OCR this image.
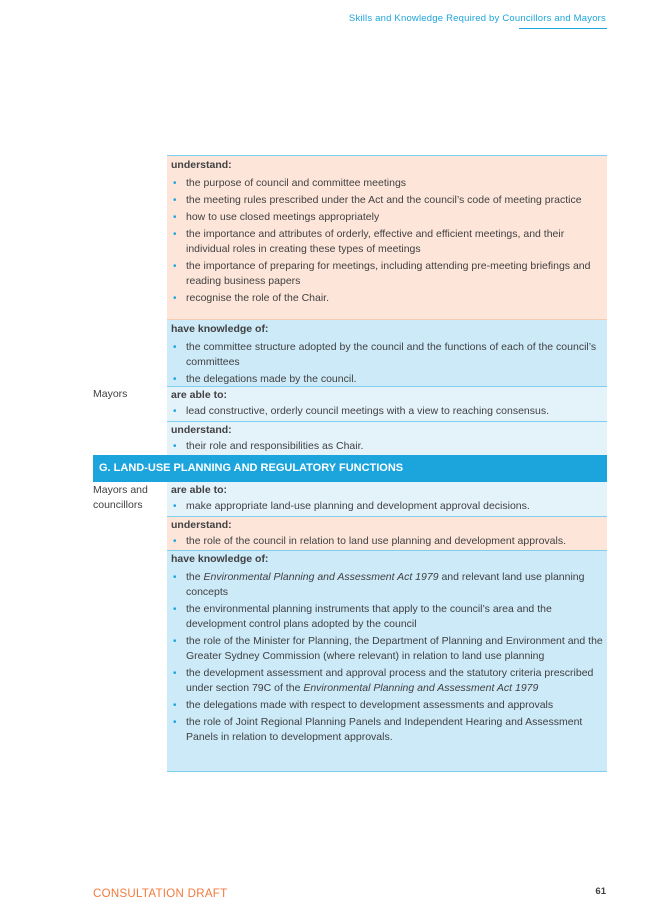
Skills and Knowledge Required by Councillors and Mayors
understand:
• the purpose of council and committee meetings
• the meeting rules prescribed under the Act and the council’s code of meeting practice
• how to use closed meetings appropriately
• the importance and attributes of orderly, effective and efficient meetings, and their individual roles in creating these types of meetings
• the importance of preparing for meetings, including attending pre-meeting briefings and reading business papers
• recognise the role of the Chair.
have knowledge of:
• the committee structure adopted by the council and the functions of each of the council’s committees
• the delegations made by the council.
Mayors	are able to:
• lead constructive, orderly council meetings with a view to reaching consensus.
understand:
• their role and responsibilities as Chair.
G. LAND-USE PLANNING AND REGULATORY FUNCTIONS
Mayors and
councillors
are able to:
• make appropriate land-use planning and development approval decisions.
understand:
• the role of the council in relation to land use planning and development approvals.
have knowledge of:
• the Environmental Planning and Assessment Act 1979 and relevant land use planning concepts
• the environmental planning instruments that apply to the council’s area and the development control plans adopted by the council
• the role of the Minister for Planning, the Department of Planning and Environment and the Greater Sydney Commission (where relevant) in relation to land use planning
• the development assessment and approval process and the statutory criteria prescribed under section 79C of the Environmental Planning and Assessment Act 1979
• the delegations made with respect to development assessments and approvals
• the role of Joint Regional Planning Panels and Independent Hearing and Assessment Panels in relation to development approvals.
CONSULTATION DRAFT	61
